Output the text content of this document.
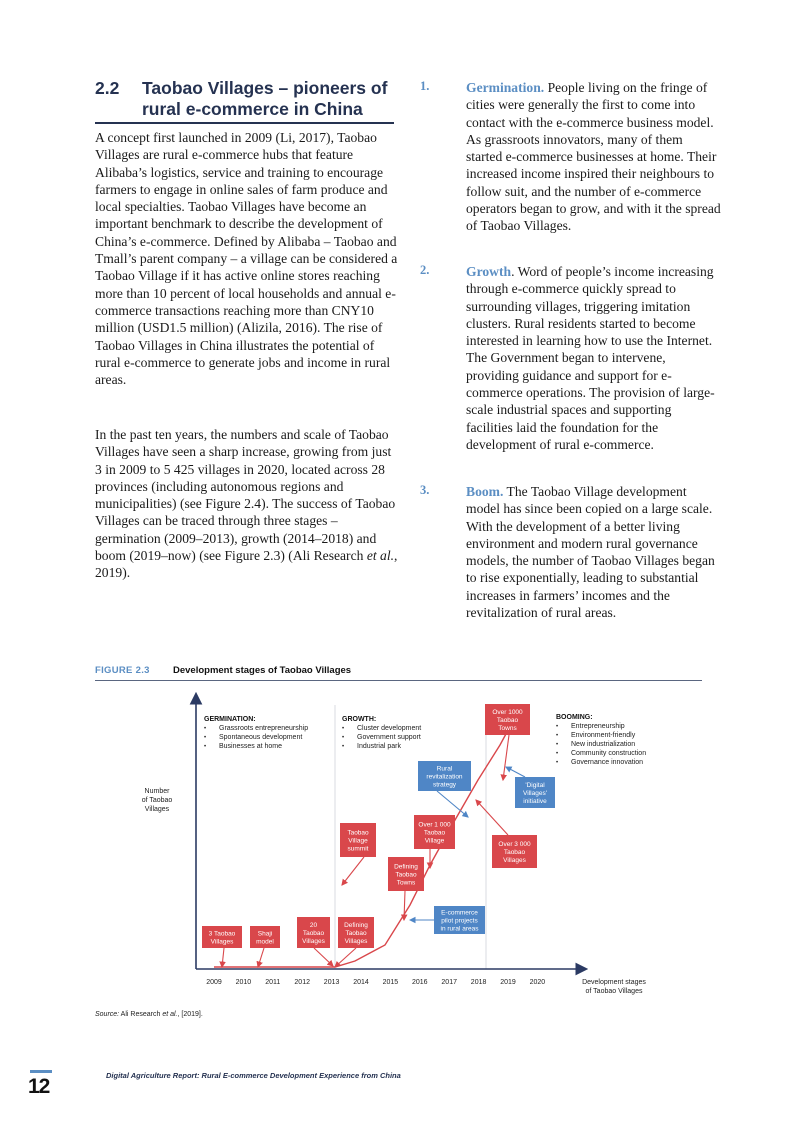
2.2 Taobao Villages – pioneers of rural e-commerce in China

A concept first launched in 2009 (Li, 2017), Taobao Villages are rural e-commerce hubs that feature Alibaba’s logistics, service and training to encourage farmers to engage in online sales of farm produce and local specialties. Taobao Villages have become an important benchmark to describe the development of China’s e-commerce. Defined by Alibaba – Taobao and Tmall’s parent company – a village can be considered a Taobao Village if it has active online stores reaching more than 10 percent of local households and annual e-commerce transactions reaching more than CNY10 million (USD1.5 million) (Alizila, 2016). The rise of Taobao Villages in China illustrates the potential of rural e-commerce to generate jobs and income in rural areas.

In the past ten years, the numbers and scale of Taobao Villages have seen a sharp increase, growing from just 3 in 2009 to 5 425 villages in 2020, located across 28 provinces (including autonomous regions and municipalities) (see Figure 2.4). The success of Taobao Villages can be traced through three stages – germination (2009–2013), growth (2014–2018) and boom (2019–now) (see Figure 2.3) (Ali Research et al., 2019).

1.	Germination. People living on the fringe of cities were generally the first to come into contact with the e-commerce business model. As grassroots innovators, many of them started e-commerce businesses at home. Their increased income inspired their neighbours to follow suit, and the number of e-commerce operators began to grow, and with it the spread of Taobao Villages.
2.	Growth. Word of people’s income increasing through e-commerce quickly spread to surrounding villages, triggering imitation clusters. Rural residents started to become interested in learning how to use the Internet. The Government began to intervene, providing guidance and support for e-commerce operations. The provision of large-scale industrial spaces and supporting facilities laid the foundation for the development of rural e-commerce.
3.	Boom. The Taobao Village development model has since been copied on a large scale. With the development of a better living environment and modern rural governance models, the number of Taobao Villages began to rise exponentially, leading to substantial increases in farmers’ incomes and the revitalization of rural areas.
FIGURE 2.3 Development stages of Taobao Villages
2009 2010 2011 2012 2013 2014 2015 2016 2017 2018 2019 2020	Development stages
of Taobao Villages
Number
of Taobao
Villages
GERMINATION:
• Grassroots entrepreneurship
• Spontaneous development
• Businesses at home
GROWTH:
• Cluster development
• Government support
• Industrial park
BOOMING:
• Entrepreneurship
• Environment-friendly
• New industrialization
• Community construction
• Governance innovation
3 Taobao
Villages
Shaji
model
20
Taobao
Villages
Defining
Taobao
Villages
Taobao
Village
summit
Defining
Taobao
Towns
Over 1 000
Taobao
Village
Over 1000
Taobao
Towns
Over 3 000
Taobao
Villages
E-commerce
pilot projects
in rural areas
Rural
revitalization
strategy	'Digital
Villages'
initiative
Source: Ali Research et al., [2019].
12	Digital Agriculture Report: Rural E-commerce Development Experience from China
